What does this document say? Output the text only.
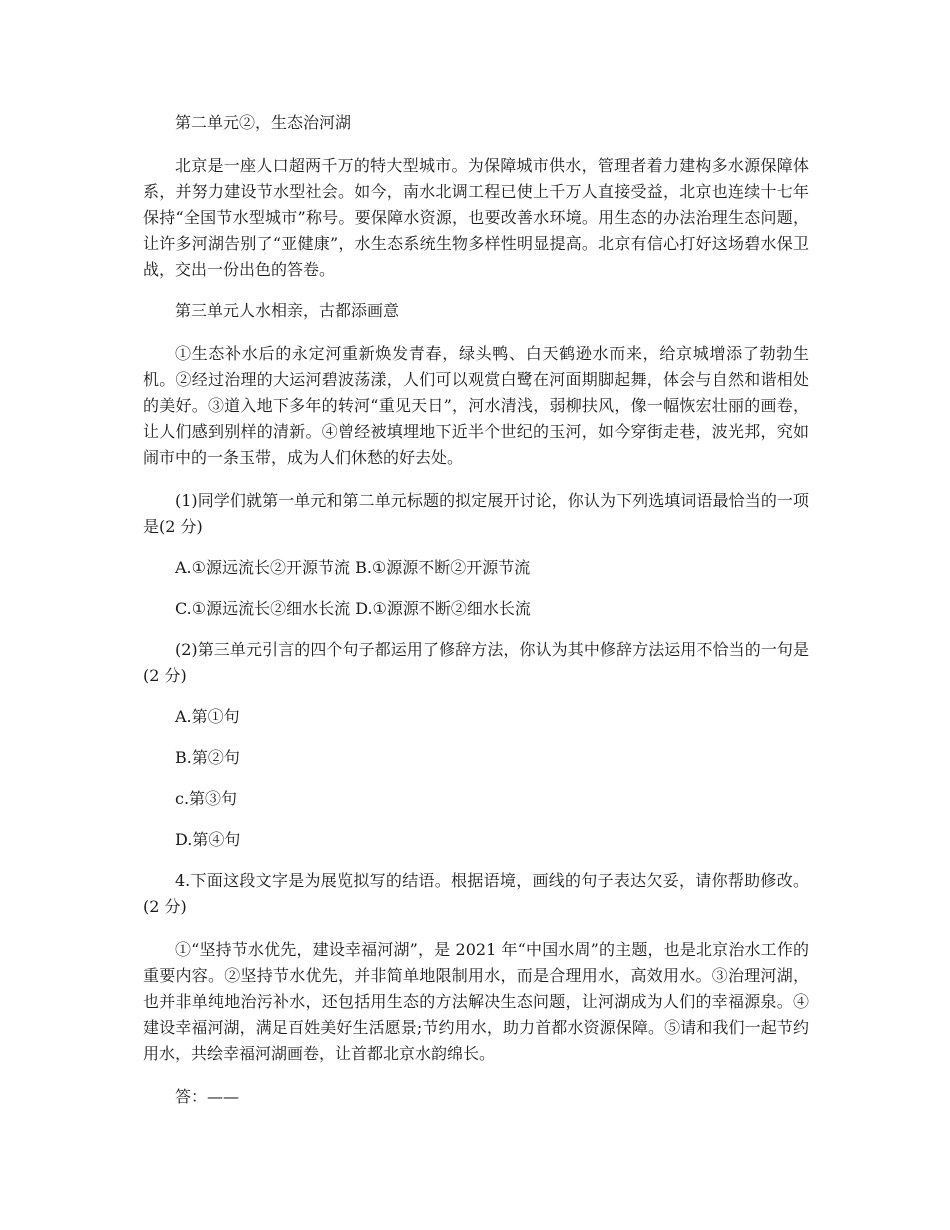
第二单元②，生态治河湖

北京是一座人口超两千万的特大型城市。为保障城市供水，管理者着力建构多水源保障体系，并努力建设节水型社会。如今，南水北调工程已使上千万人直接受益，北京也连续十七年保持“全国节水型城市”称号。要保障水资源，也要改善水环境。用生态的办法治理生态问题，让许多河湖告别了“亚健康”，水生态系统生物多样性明显提高。北京有信心打好这场碧水保卫战，交出一份出色的答卷。

第三单元人水相亲，古都添画意

①生态补水后的永定河重新焕发青春，绿头鸭、白天鹤逊水而来，给京城增添了勃勃生机。②经过治理的大运河碧波荡漾，人们可以观赏白鹭在河面期脚起舞，体会与自然和谐相处的美好。③道入地下多年的转河“重见天日”，河水清浅，弱柳扶风，像一幅恢宏壮丽的画卷，让人们感到别样的清新。④曾经被填埋地下近半个世纪的玉河，如今穿街走巷，波光邦，究如闹市中的一条玉带，成为人们休愁的好去处。

(1)同学们就第一单元和第二单元标题的拟定展开讨论，你认为下列选填词语最恰当的一项是(2 分)

A.①源远流长②开源节流 B.①源源不断②开源节流

C.①源远流长②细水长流 D.①源源不断②细水长流

(2)第三单元引言的四个句子都运用了修辞方法，你认为其中修辞方法运用不恰当的一句是(2 分)

A.第①句

B.第②句

c.第③句

D.第④句

4.下面这段文字是为展览拟写的结语。根据语境，画线的句子表达欠妥，请你帮助修改。(2 分)

①“坚持节水优先，建设幸福河湖”，是 2021 年“中国水周”的主题，也是北京治水工作的重要内容。②坚持节水优先，并非简单地限制用水，而是合理用水，高效用水。③治理河湖，也并非单纯地治污补水，还包括用生态的方法解决生态问题，让河湖成为人们的幸福源泉。④建设幸福河湖，满足百姓美好生活愿景;节约用水，助力首都水资源保障。⑤请和我们一起节约用水，共绘幸福河湖画卷，让首都北京水韵绵长。

答：——
